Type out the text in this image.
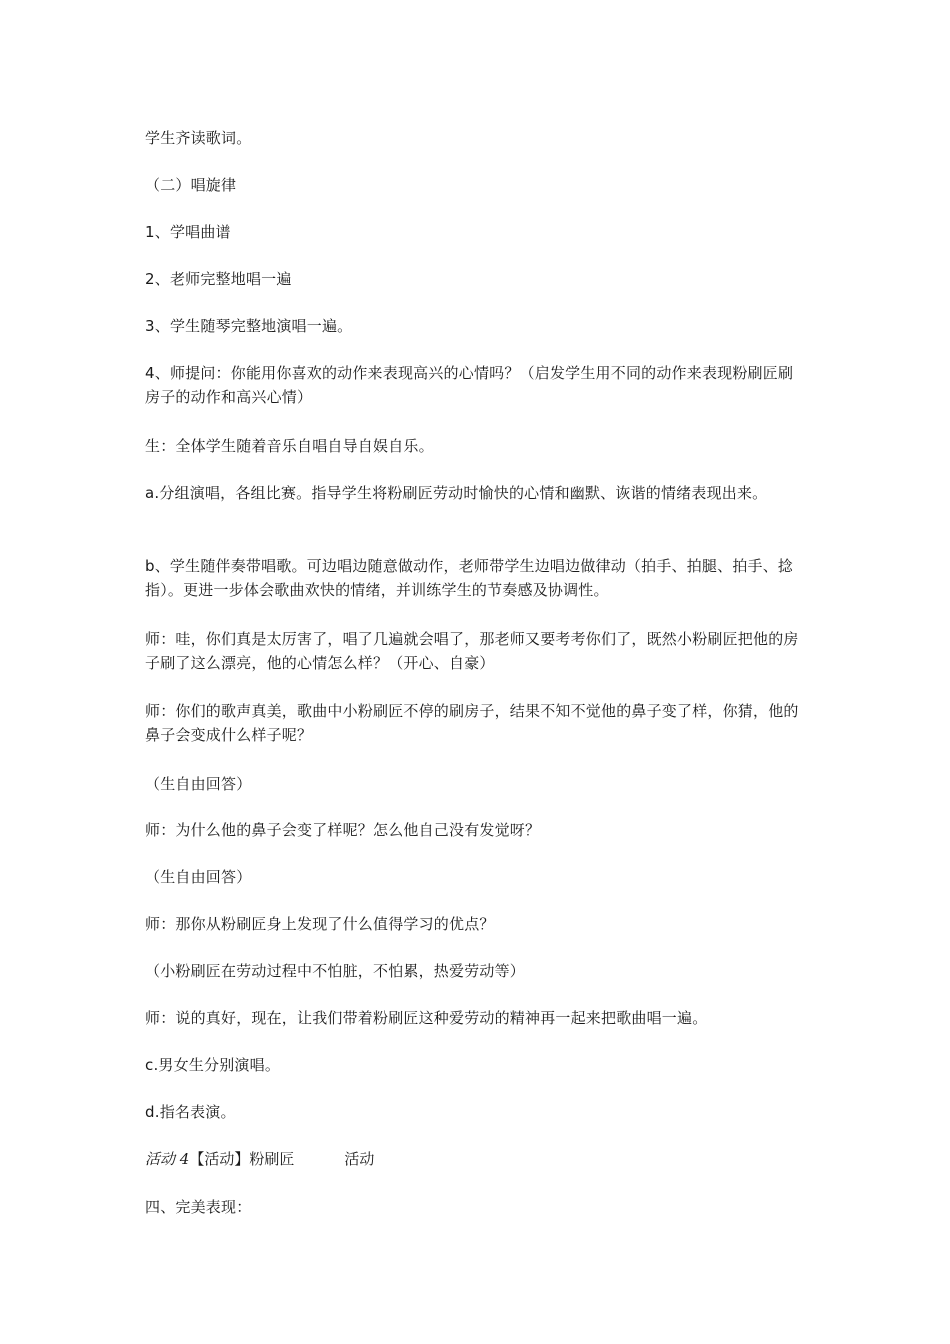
学生齐读歌词。
（二）唱旋律
1、学唱曲谱
2、老师完整地唱一遍
3、学生随琴完整地演唱一遍。
4、师提问：你能用你喜欢的动作来表现高兴的心情吗？（启发学生用不同的动作来表现粉刷匠刷房子的动作和高兴心情）
生：全体学生随着音乐自唱自导自娱自乐。
a.分组演唱，各组比赛。指导学生将粉刷匠劳动时愉快的心情和幽默、诙谐的情绪表现出来。
b、学生随伴奏带唱歌。可边唱边随意做动作，老师带学生边唱边做律动（拍手、拍腿、拍手、捻指）。更进一步体会歌曲欢快的情绪，并训练学生的节奏感及协调性。
师：哇，你们真是太厉害了，唱了几遍就会唱了，那老师又要考考你们了，既然小粉刷匠把他的房子刷了这么漂亮，他的心情怎么样？（开心、自豪）
师：你们的歌声真美，歌曲中小粉刷匠不停的刷房子，结果不知不觉他的鼻子变了样，你猜，他的鼻子会变成什么样子呢？
（生自由回答）
师：为什么他的鼻子会变了样呢？怎么他自己没有发觉呀？
（生自由回答）
师：那你从粉刷匠身上发现了什么值得学习的优点？
（小粉刷匠在劳动过程中不怕脏，不怕累，热爱劳动等）
师：说的真好，现在，让我们带着粉刷匠这种爱劳动的精神再一起来把歌曲唱一遍。
c.男女生分别演唱。
d.指名表演。
活动 4【活动】粉刷匠	活动
四、完美表现：
